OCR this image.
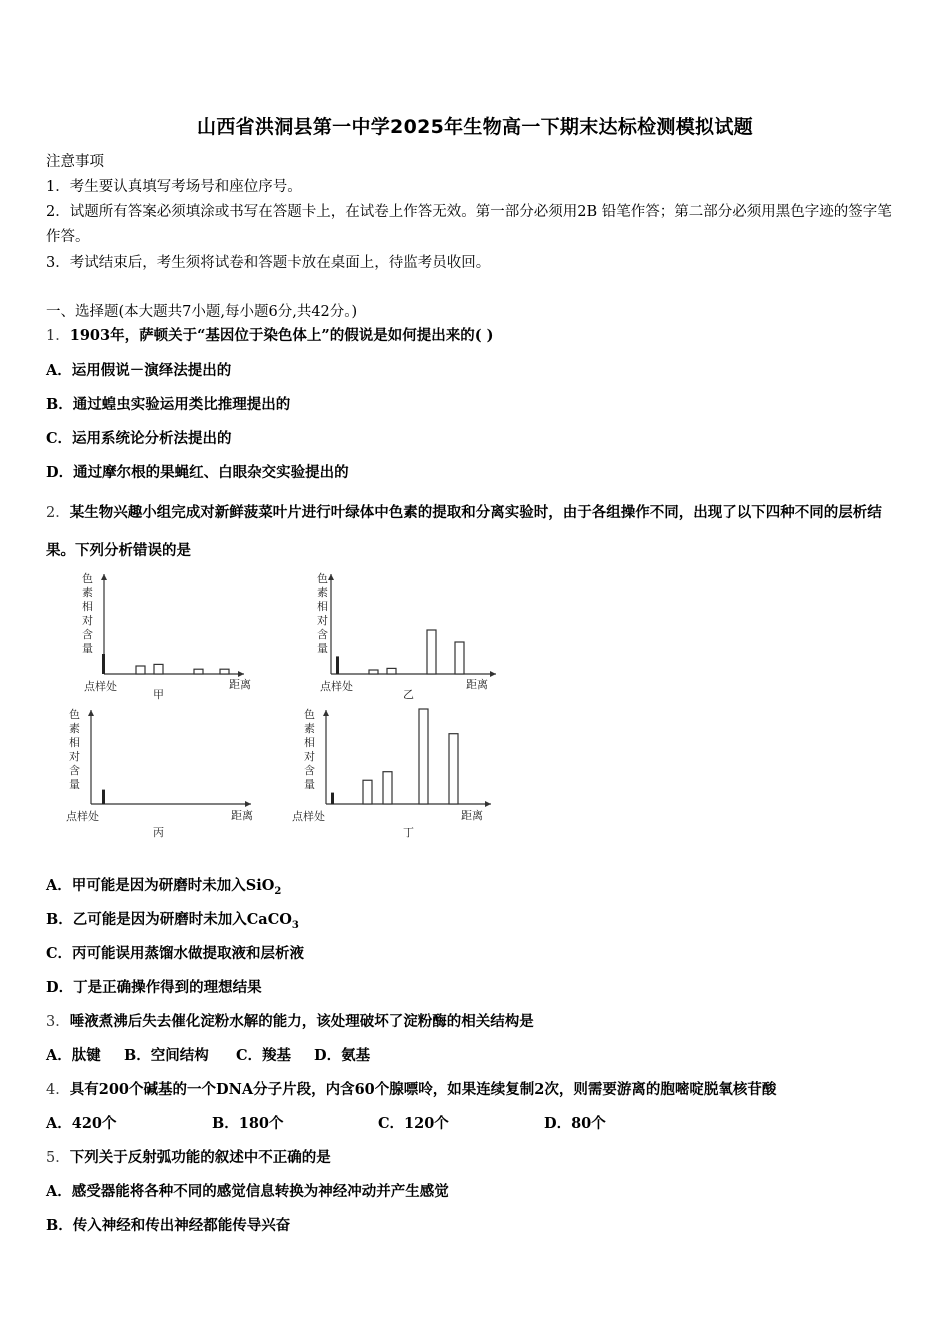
山西省洪洞县第一中学2025年生物高一下期末达标检测模拟试题
注意事项
1．考生要认真填写考场号和座位序号。
2．试题所有答案必须填涂或书写在答题卡上，在试卷上作答无效。第一部分必须用2B 铅笔作答；第二部分必须用黑色字迹的签字笔作答。
3．考试结束后，考生须将试卷和答题卡放在桌面上，待监考员收回。
一、选择题(本大题共7小题,每小题6分,共42分。)
1．1903年，萨顿关于“基因位于染色体上”的假说是如何提出来的( )
A．运用假说－演绎法提出的
B．通过蝗虫实验运用类比推理提出的
C．运用系统论分析法提出的
D．通过摩尔根的果蝇红、白眼杂交实验提出的
2．某生物兴趣小组完成对新鲜菠菜叶片进行叶绿体中色素的提取和分离实验时，由于各组操作不同，出现了以下四种不同的层析结果。下列分析错误的是
色
素
相
对
含
量
点样处	距离
甲
色
素
相
对
含
量
点样处	距离
乙
色
素
相
对
含
量
点样处	距离
丙
色
素
相
对
含
量
点样处	距离
丁
A．甲可能是因为研磨时未加入SiO$_2$
B．乙可能是因为研磨时未加入CaCO$_3$
C．丙可能误用蒸馏水做提取液和层析液
D．丁是正确操作得到的理想结果
3．唾液煮沸后失去催化淀粉水解的能力，该处理破坏了淀粉酶的相关结构是
A．肽键 B．空间结构 C．羧基 D．氨基
4．具有200个碱基的一个DNA分子片段，内含60个腺嘌呤，如果连续复制2次，则需要游离的胞嘧啶脱氧核苷酸
A．420个	B．180个	C．120个	D．80个
5．下列关于反射弧功能的叙述中不正确的是
A．感受器能将各种不同的感觉信息转换为神经冲动并产生感觉
B．传入神经和传出神经都能传导兴奋
